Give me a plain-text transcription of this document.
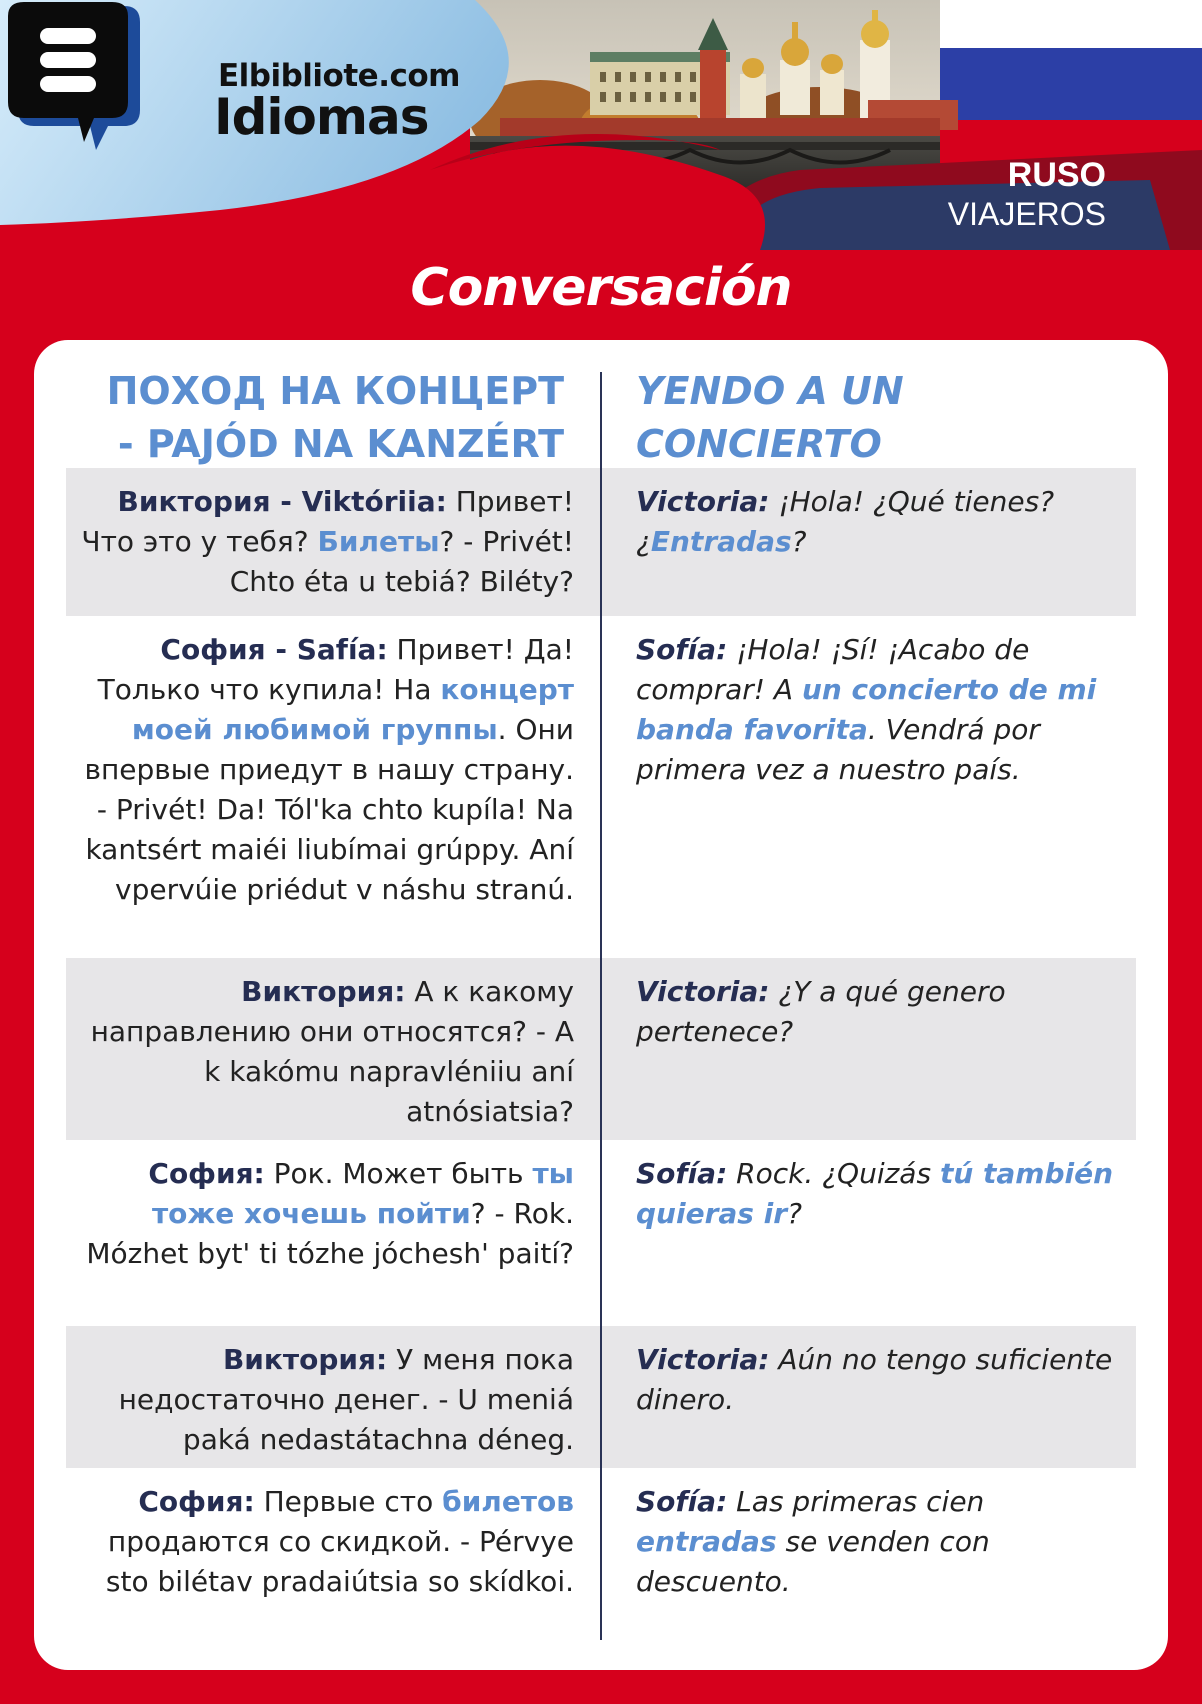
Elbibliote.com
Idiomas
RUSO
VIAJEROS
Conversación
ПОХОД НА КОНЦЕРТ
- PAJÓD NA KANZÉRT
YENDO A UN
CONCIERTO
Виктория - Viktóriia: Привет! Что это у тебя? Билеты? - Privét! Chto éta u tebiá? Biléty?
Victoria: ¡Hola! ¿Qué tienes? ¿Entradas?
София - Safía: Привет! Да! Только что купила! На концерт моей любимой группы. Они впервые приедут в нашу страну. - Privét! Da! Tól'ka chto kupíla! Na kantsért maiéi liubímai grúppy. Aní vpervúie priédut v náshu stranú.
Sofía: ¡Hola! ¡Sí! ¡Acabo de comprar! A un concierto de mi banda favorita. Vendrá por primera vez a nuestro país.
Виктория: А к какому направлению они относятся? - A k kakómu napravléniiu aní atnósiatsia?
Victoria: ¿Y a qué genero pertenece?
София: Рок. Может быть ты тоже хочешь пойти? - Rok. Mózhet byt' ti tózhe jóchesh' paití?
Sofía: Rock. ¿Quizás tú también quieras ir?
Виктория: У меня пока недостаточно денег. - U meniá paká nedastátachna déneg.
Victoria: Aún no tengo suficiente dinero.
София: Первые сто билетов продаются со скидкой. - Pérvye sto bilétav pradaiútsia so skídkoi.
Sofía: Las primeras cien entradas se venden con descuento.
